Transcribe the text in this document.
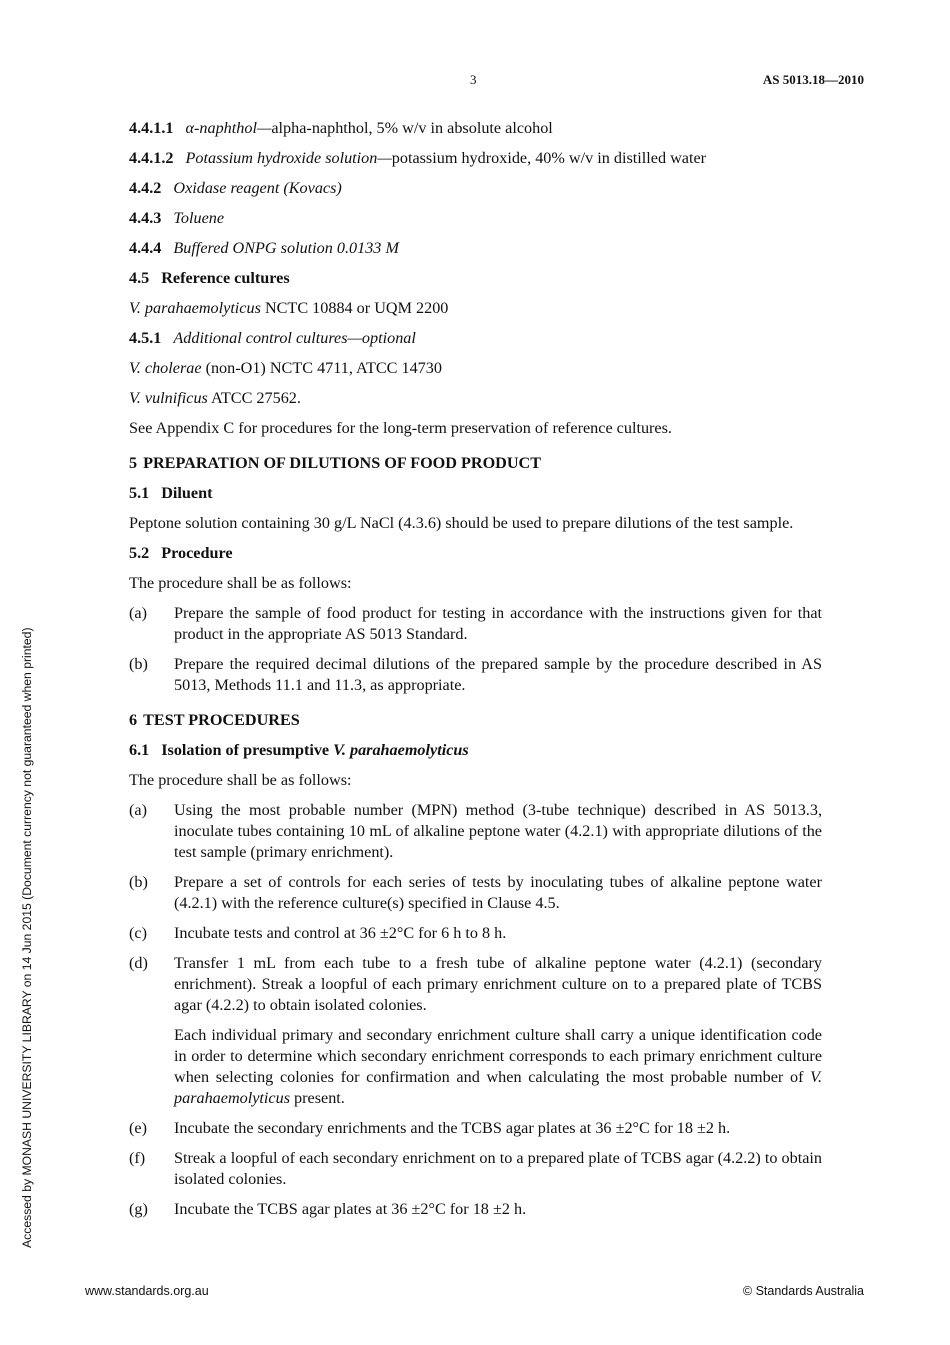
3	AS 5013.18—2010
Accessed by MONASH UNIVERSITY LIBRARY on 14 Jun 2015 (Document currency not guaranteed when printed)

4.4.1.1 α-naphthol—alpha-naphthol, 5% w/v in absolute alcohol

4.4.1.2 Potassium hydroxide solution—potassium hydroxide, 40% w/v in distilled water

4.4.2 Oxidase reagent (Kovacs)

4.4.3 Toluene

4.4.4 Buffered ONPG solution 0.0133 M

4.5 Reference cultures

V. parahaemolyticus NCTC 10884 or UQM 2200

4.5.1 Additional control cultures—optional

V. cholerae (non-O1) NCTC 4711, ATCC 14730

V. vulnificus ATCC 27562.

See Appendix C for procedures for the long-term preservation of reference cultures.

5 PREPARATION OF DILUTIONS OF FOOD PRODUCT

5.1 Diluent

Peptone solution containing 30 g/L NaCl (4.3.6) should be used to prepare dilutions of the test sample.

5.2 Procedure

The procedure shall be as follows:

(a) Prepare the sample of food product for testing in accordance with the instructions given for that product in the appropriate AS 5013 Standard.
(b) Prepare the required decimal dilutions of the prepared sample by the procedure described in AS 5013, Methods 11.1 and 11.3, as appropriate.

6 TEST PROCEDURES

6.1 Isolation of presumptive V. parahaemolyticus

The procedure shall be as follows:

(a) Using the most probable number (MPN) method (3-tube technique) described in AS 5013.3, inoculate tubes containing 10 mL of alkaline peptone water (4.2.1) with appropriate dilutions of the test sample (primary enrichment).
(b) Prepare a set of controls for each series of tests by inoculating tubes of alkaline peptone water (4.2.1) with the reference culture(s) specified in Clause 4.5.
(c) Incubate tests and control at 36 ±2°C for 6 h to 8 h.
(d) Transfer 1 mL from each tube to a fresh tube of alkaline peptone water (4.2.1) (secondary enrichment). Streak a loopful of each primary enrichment culture on to a prepared plate of TCBS agar (4.2.2) to obtain isolated colonies.
Each individual primary and secondary enrichment culture shall carry a unique identification code in order to determine which secondary enrichment corresponds to each primary enrichment culture when selecting colonies for confirmation and when calculating the most probable number of V. parahaemolyticus present.
(e) Incubate the secondary enrichments and the TCBS agar plates at 36 ±2°C for 18 ±2 h.
(f) Streak a loopful of each secondary enrichment on to a prepared plate of TCBS agar (4.2.2) to obtain isolated colonies.
(g) Incubate the TCBS agar plates at 36 ±2°C for 18 ±2 h.
www.standards.org.au	© Standards Australia
